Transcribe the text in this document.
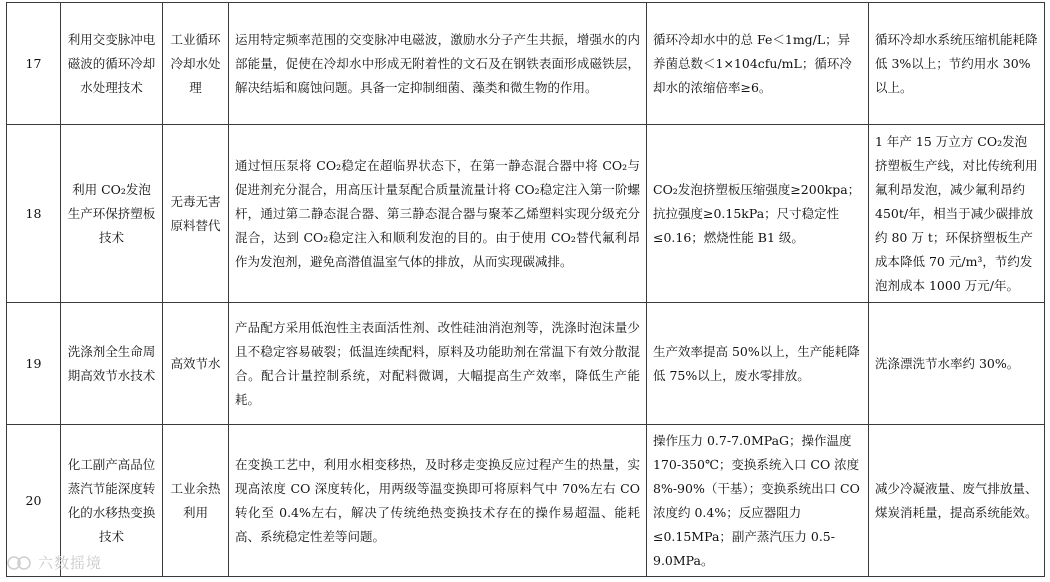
17	利用交变脉冲电磁波的循环冷却水处理技术	工业循环冷却水处理	运用特定频率范围的交变脉冲电磁波，激励水分子产生共振，增强水的内部能量，促使在冷却水中形成无附着性的文石及在钢铁表面形成磁铁层，解决结垢和腐蚀问题。具备一定抑制细菌、藻类和微生物的作用。	循环冷却水中的总 Fe＜1mg/L；异养菌总数＜1×104cfu/mL；循环冷却水的浓缩倍率≥6。	循环冷却水系统压缩机能耗降低 3%以上；节约用水 30%以上。
18	利用 CO₂发泡生产环保挤塑板技术	无毒无害原料替代	通过恒压泵将 CO₂稳定在超临界状态下，在第一静态混合器中将 CO₂与促进剂充分混合，用高压计量泵配合质量流量计将 CO₂稳定注入第一阶螺杆，通过第二静态混合器、第三静态混合器与聚苯乙烯塑料实现分级充分混合，达到 CO₂稳定注入和顺利发泡的目的。由于使用 CO₂替代氟利昂作为发泡剂，避免高潜值温室气体的排放，从而实现碳减排。	CO₂发泡挤塑板压缩强度≥200kpa；抗拉强度≥0.15kPa；尺寸稳定性≤0.16；燃烧性能 B1 级。	1 年产 15 万立方 CO₂发泡挤塑板生产线，对比传统利用氟利昂发泡，减少氟利昂约 450t/年，相当于减少碳排放约 80 万 t；环保挤塑板生产成本降低 70 元/m³，节约发泡剂成本 1000 万元/年。
19	洗涤剂全生命周期高效节水技术	高效节水	产品配方采用低泡性主表面活性剂、改性硅油消泡剂等，洗涤时泡沫量少且不稳定容易破裂；低温连续配料，原料及功能助剂在常温下有效分散混合。配合计量控制系统，对配料微调，大幅提高生产效率，降低生产能耗。	生产效率提高 50%以上，生产能耗降低 75%以上，废水零排放。	洗涤漂洗节水率约 30%。
20	化工副产高品位蒸汽节能深度转化的水移热变换技术	工业余热利用	在变换工艺中，利用水相变移热，及时移走变换反应过程产生的热量，实现高浓度 CO 深度转化，用两级等温变换即可将原料气中 70%左右 CO 转化至 0.4%左右，解决了传统绝热变换技术存在的操作易超温、能耗高、系统稳定性差等问题。	操作压力 0.7-7.0MPaG；操作温度 170-350℃；变换系统入口 CO 浓度 8%-90%（干基）；变换系统出口 CO 浓度约 0.4%；反应器阻力≤0.15MPa；副产蒸汽压力 0.5-9.0MPa。	减少冷凝液量、废气排放量、煤炭消耗量，提高系统能效。
六数摇境
